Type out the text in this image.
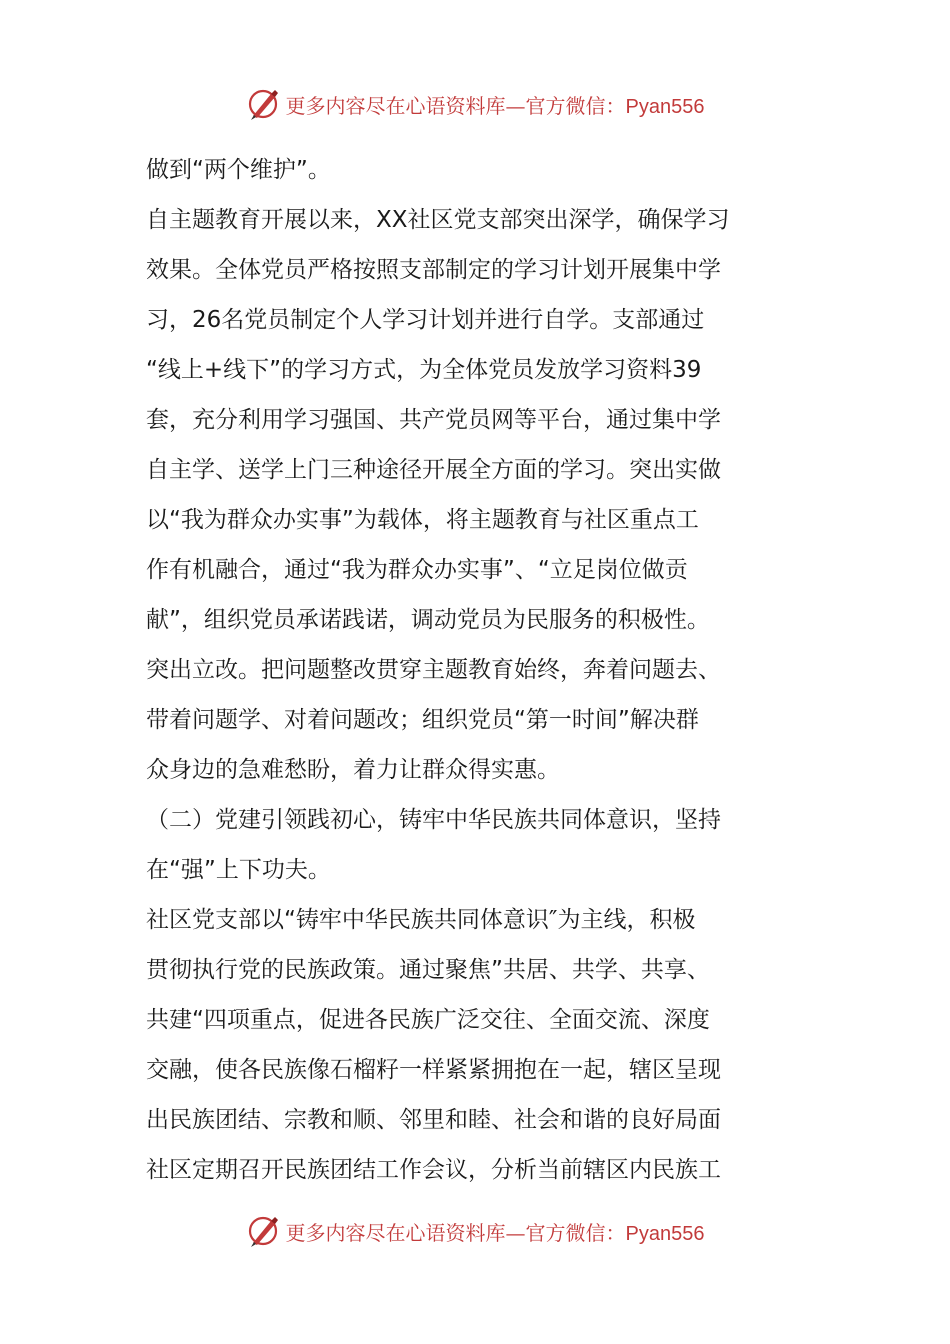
更多内容尽在心语资料库—官方微信：Pyan556
做到“两个维护”。
自主题教育开展以来，XX社区党支部突出深学，确保学习
效果。全体党员严格按照支部制定的学习计划开展集中学
习，26名党员制定个人学习计划并进行自学。支部通过
“线上+线下”的学习方式，为全体党员发放学习资料39
套，充分利用学习强国、共产党员网等平台，通过集中学
自主学、送学上门三种途径开展全方面的学习。突出实做
以“我为群众办实事”为载体，将主题教育与社区重点工
作有机融合，通过“我为群众办实事”、“立足岗位做贡
献”，组织党员承诺践诺，调动党员为民服务的积极性。
突出立改。把问题整改贯穿主题教育始终，奔着问题去、
带着问题学、对着问题改；组织党员“第一时间”解决群
众身边的急难愁盼，着力让群众得实惠。
（二）党建引领践初心，铸牢中华民族共同体意识，坚持
在“强”上下功夫。
社区党支部以“铸牢中华民族共同体意识″为主线，积极
贯彻执行党的民族政策。通过聚焦”共居、共学、共享、
共建“四项重点，促进各民族广泛交往、全面交流、深度
交融，使各民族像石榴籽一样紧紧拥抱在一起，辖区呈现
出民族团结、宗教和顺、邻里和睦、社会和谐的良好局面
社区定期召开民族团结工作会议，分析当前辖区内民族工
更多内容尽在心语资料库—官方微信：Pyan556
